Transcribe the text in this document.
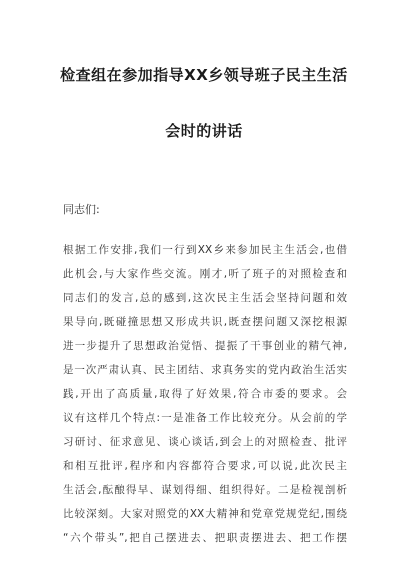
检查组在参加指导XX乡领导班子民主生活
会时的讲话
同志们:
根据工作安排,我们一行到XX乡来参加民主生活会,也借
此机会,与大家作些交流。刚才,听了班子的对照检查和
同志们的发言,总的感到,这次民主生活会坚持问题和效
果导向,既碰撞思想又形成共识,既查摆问题又深挖根源
进一步提升了思想政治觉悟、提振了干事创业的精气神,
是一次严肃认真、民主团结、求真务实的党内政治生活实
践,开出了高质量,取得了好效果,符合市委的要求。会
议有这样几个特点:一是准备工作比较充分。从会前的学
习研讨、征求意见、谈心谈话,到会上的对照检查、批评
和相互批评,程序和内容都符合要求,可以说,此次民主
生活会,酝酿得早、谋划得细、组织得好。二是检视剖析
比较深刻。大家对照党的XX大精神和党章党规党纪,围绕
“六个带头”,把自己摆进去、把职责摆进去、把工作摆
